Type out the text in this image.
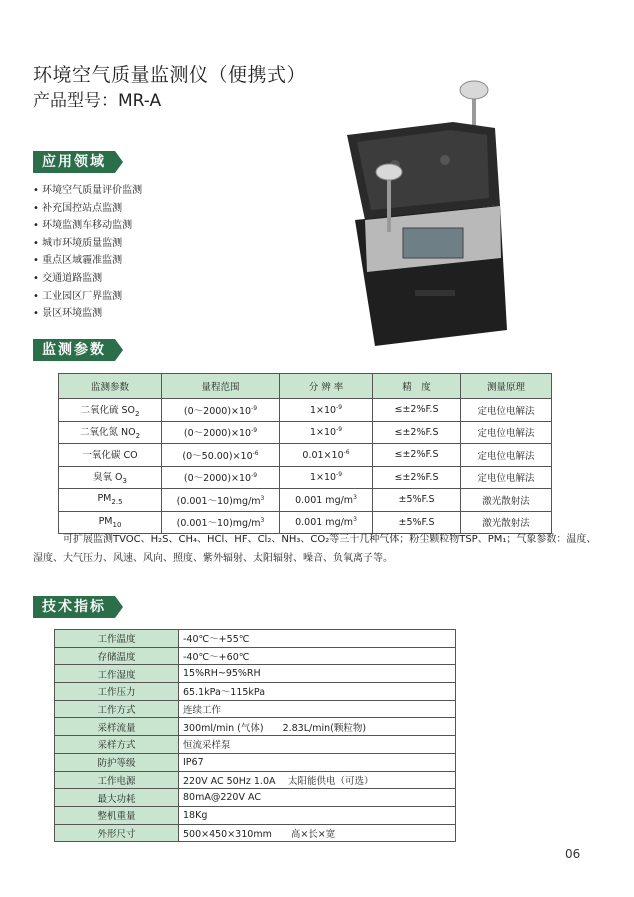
环境空气质量监测仪（便携式）
产品型号：MR-A
应用领域
• 环境空气质量评价监测
• 补充国控站点监测
• 环境监测车移动监测
• 城市环境质量监测
• 重点区域霾准监测
• 交通道路监测
• 工业园区厂界监测
• 景区环境监测
监测参数
监测参数	量程范围	分 辨 率	精　度	测量原理
二氧化硫 $SO_2$	$(0\sim 2000)\times 10^{-9}$	$1\times 10^{-9}$	≤±2%F.S	定电位电解法
二氧化氮 $NO_2$	$(0\sim 2000)\times 10^{-9}$	$1\times 10^{-9}$	≤±2%F.S	定电位电解法
一氧化碳 CO	$(0\sim 50.00)\times 10^{-6}$	$0.01\times 10^{-6}$	≤±2%F.S	定电位电解法
臭氧 $O_3$	$(0\sim 2000)\times 10^{-9}$	$1\times 10^{-9}$	≤±2%F.S	定电位电解法
$PM_{2.5}$	$(0.001\sim 10)mg/m^3$	0.001 $mg/m^3$	±5%F.S	激光散射法
$PM_{10}$	$(0.001\sim 10)mg/m^3$	0.001 $mg/m^3$	±5%F.S	激光散射法
可扩展监测TVOC、H₂S、CH₄、HCl、HF、Cl₂、NH₃、CO₂等三十几种气体；粉尘颗粒物TSP、PM₁；气象参数：温度、湿度、大气压力、风速、风向、照度、紫外辐射、太阳辐射、噪音、负氧离子等。
技术指标
工作温度	-40℃～+55℃
存储温度	-40℃～+60℃
工作湿度	15%RH~95%RH
工作压力	65.1kPa～115kPa
工作方式	连续工作
采样流量	300ml/min (气体)　　2.83L/min(颗粒物)
采样方式	恒流采样泵
防护等级	IP67
工作电源	220V AC 50Hz 1.0A　 太阳能供电（可选）
最大功耗	80mA@220V AC
整机重量	18Kg
外形尺寸	500×450×310mm　　高×长×宽
06
